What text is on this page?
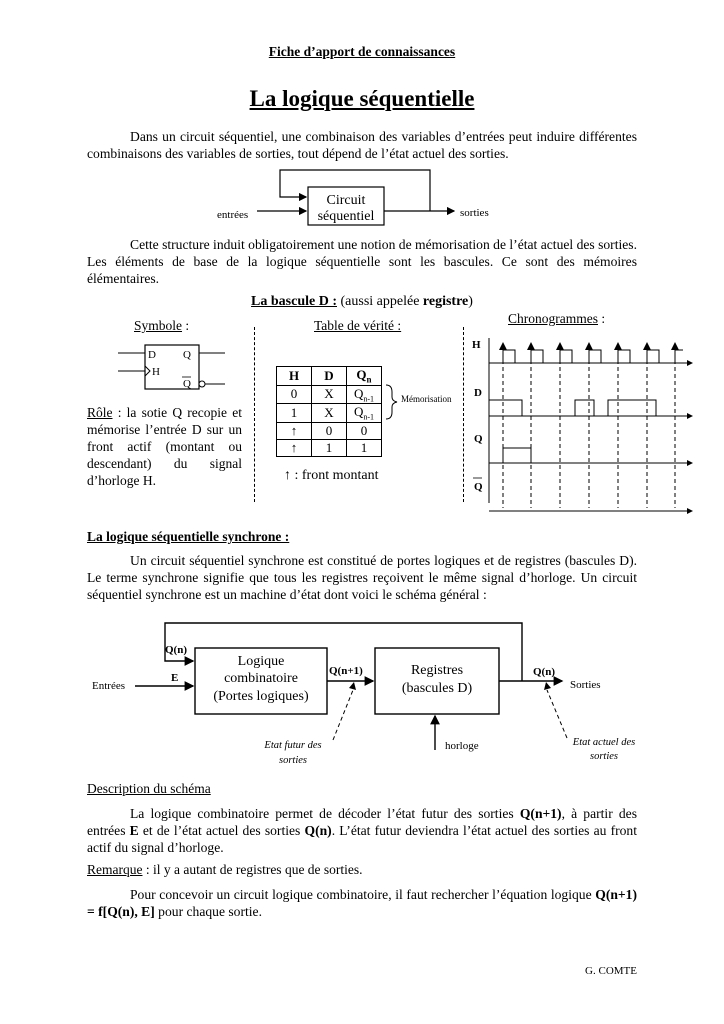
Fiche d’apport de connaissances
La logique séquentielle

Dans un circuit séquentiel, une combinaison des variables d’entrées peut induire différentes combinaisons des variables de sorties, tout dépend de l’état actuel des sorties.

Circuit
séquentiel
entrées	sorties

Cette structure induit obligatoirement une notion de mémorisation de l’état actuel des sorties. Les éléments de base de la logique séquentielle sont les bascules. Ce sont des mémoires élémentaires.

La bascule D : (aussi appelée registre)
Symbole :
D
H
Q
Q

Rôle : la sotie Q recopie et mémorise l’entrée D sur un front actif (montant ou descendant) du signal d’horloge H.

Table de vérité :
H	D	$Q_n$
0	X	$Q_{n-1}$
1	X	$Q_{n-1}$
↑	0	0
↑	1	1
Mémorisation
↑ : front montant
Chronogrammes :
H
D
Q
Q
La logique séquentielle synchrone :

Un circuit séquentiel synchrone est constitué de portes logiques et de registres (bascules D). Le terme synchrone signifie que tous les registres reçoivent le même signal d’horloge. Un circuit séquentiel synchrone est un machine d’état dont voici le schéma général :

Q(n)
Logique
combinatoire
(Portes logiques)
Entrées
E
Q(n+1)	Registres
(bascules D)
Q(n)
Sorties
horloge
Etat futur des
sorties
Etat actuel des
sorties
Description du schéma

La logique combinatoire permet de décoder l’état futur des sorties Q(n+1), à partir des entrées E et de l’état actuel des sorties Q(n). L’état futur deviendra l’état actuel des sorties au front actif du signal d’horloge.

Remarque : il y a autant de registres que de sorties.

Pour concevoir un circuit logique combinatoire, il faut rechercher l’équation logique Q(n+1) = f[Q(n), E] pour chaque sortie.

G. COMTE
